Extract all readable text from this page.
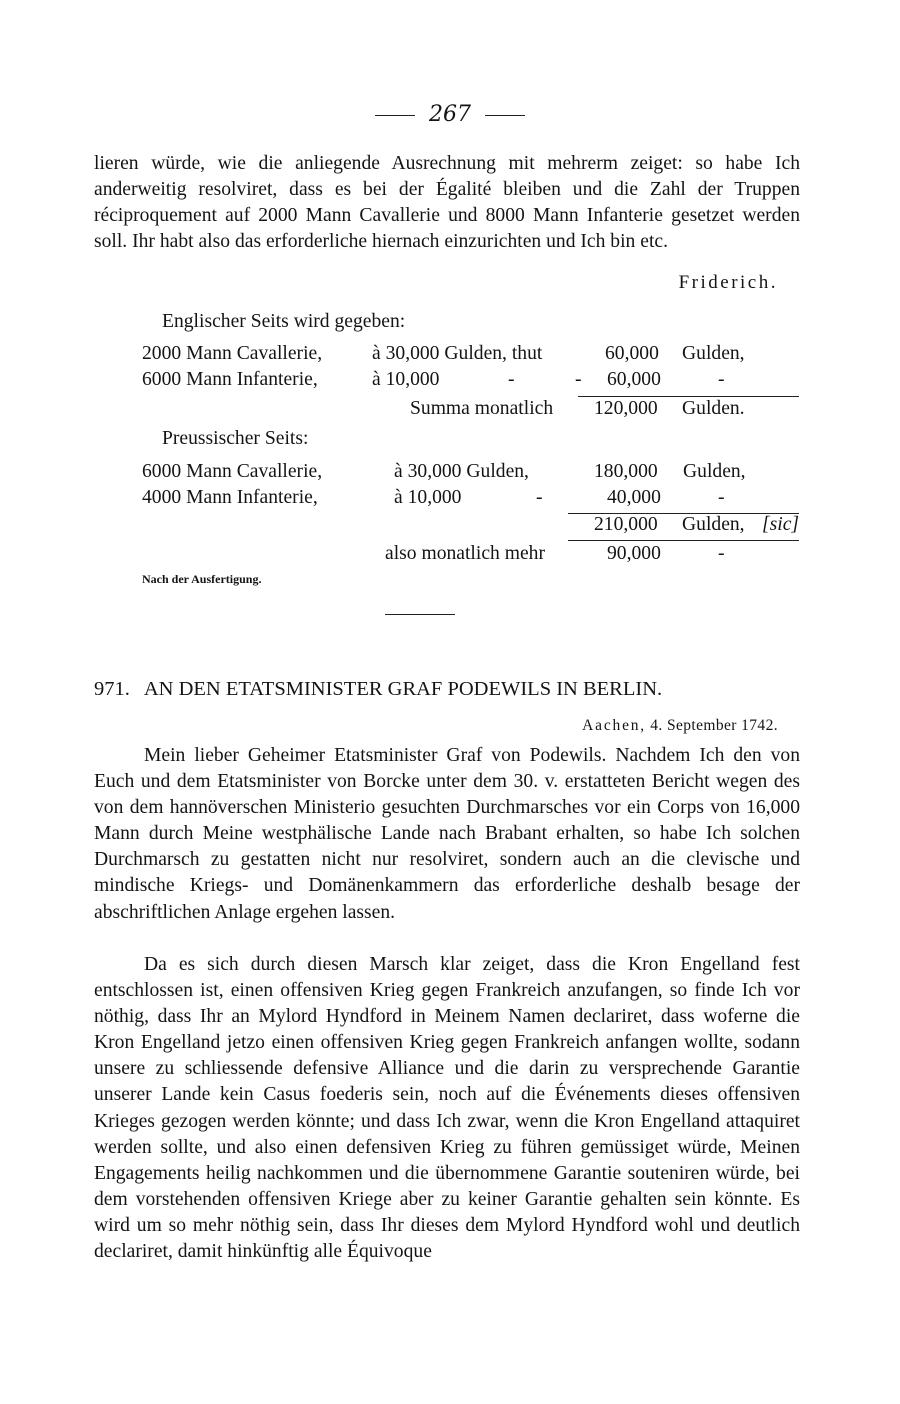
267

lieren würde, wie die anliegende Ausrechnung mit mehrerm zeiget: so habe Ich anderweitig resolviret, dass es bei der Égalité bleiben und die Zahl der Truppen réciproquement auf 2000 Mann Cavallerie und 8000 Mann Infanterie gesetzet werden soll. Ihr habt also das erforderliche hiernach einzurichten und Ich bin etc.

Friderich.
Englischer Seits wird gegeben:
2000 Mann Cavallerie,	à 30,000 Gulden, thut	60,000 Gulden,
6000 Mann Infanterie,	à 10,000	-	- 60,000	-
Summa monatlich 120,000 Gulden.
Preussischer Seits:
6000 Mann Cavallerie,	à 30,000 Gulden,	180,000 Gulden,
4000 Mann Infanterie,	à 10,000	-	40,000	-
210,000 Gulden, [sic]
also monatlich mehr	90,000	-
Nach der Ausfertigung.
971. AN DEN ETATSMINISTER GRAF PODEWILS IN BERLIN.
Aachen, 4. September 1742.

Mein lieber Geheimer Etatsminister Graf von Podewils. Nachdem Ich den von Euch und dem Etatsminister von Borcke unter dem 30. v. erstatteten Bericht wegen des von dem hannöverschen Ministerio gesuchten Durchmarsches vor ein Corps von 16,000 Mann durch Meine westphälische Lande nach Brabant erhalten, so habe Ich solchen Durchmarsch zu gestatten nicht nur resolviret, sondern auch an die clevische und mindische Kriegs- und Domänenkammern das erforderliche deshalb besage der abschriftlichen Anlage ergehen lassen.

Da es sich durch diesen Marsch klar zeiget, dass die Kron Engelland fest entschlossen ist, einen offensiven Krieg gegen Frankreich anzufangen, so finde Ich vor nöthig, dass Ihr an Mylord Hyndford in Meinem Namen declariret, dass woferne die Kron Engelland jetzo einen offensiven Krieg gegen Frankreich anfangen wollte, sodann unsere zu schliessende defensive Alliance und die darin zu versprechende Garantie unserer Lande kein Casus foederis sein, noch auf die Événements dieses offensiven Krieges gezogen werden könnte; und dass Ich zwar, wenn die Kron Engelland attaquiret werden sollte, und also einen defensiven Krieg zu führen gemüssiget würde, Meinen Engagements heilig nachkommen und die übernommene Garantie souteniren würde, bei dem vorstehenden offensiven Kriege aber zu keiner Garantie gehalten sein könnte. Es wird um so mehr nöthig sein, dass Ihr dieses dem Mylord Hyndford wohl und deutlich declariret, damit hinkünftig alle Équivoque
